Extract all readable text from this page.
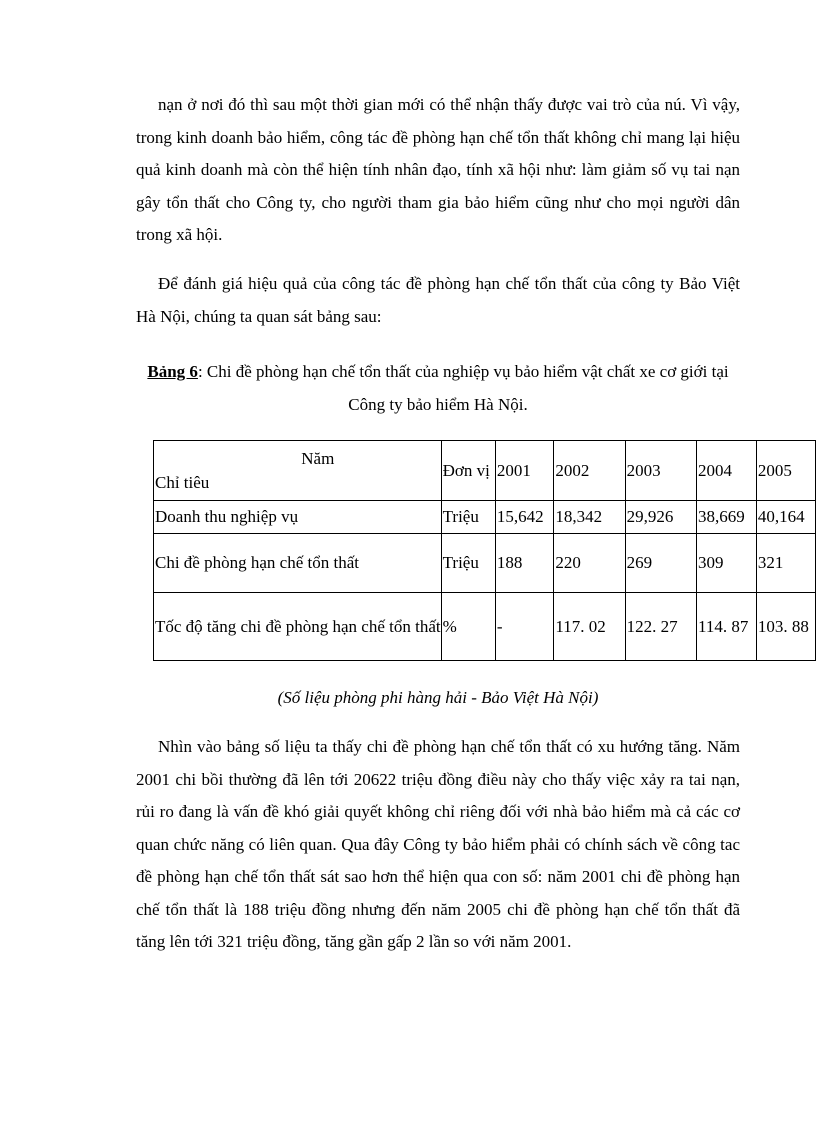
nạn ở nơi đó thì sau một thời gian mới có thể nhận thấy được vai trò của nú. Vì vậy, trong kinh doanh bảo hiểm, công tác đề phòng hạn chế tổn thất không chỉ mang lại hiệu quả kinh doanh mà còn thể hiện tính nhân đạo, tính xã hội như: làm giảm số vụ tai nạn gây tổn thất cho Công ty, cho người tham gia bảo hiểm cũng như cho mọi người dân trong xã hội.

Để đánh giá hiệu quả của công tác đề phòng hạn chế tổn thất của công ty Bảo Việt Hà Nội, chúng ta quan sát bảng sau:

Bảng 6: Chi đề phòng hạn chế tổn thất của nghiệp vụ bảo hiểm vật chất xe cơ giới tại Công ty bảo hiểm Hà Nội.

Năm
Chỉ tiêu	Đơn vị	2001	2002	2003	2004	2005
Doanh thu nghiệp vụ	Triệu	15,642	18,342	29,926	38,669	40,164
Chi đề phòng hạn chế tổn thất	Triệu	188	220	269	309	321
Tốc độ tăng chi đề phòng hạn chế tổn thất	%	-	117. 02	122. 27	114. 87	103. 88

(Số liệu phòng phi hàng hải - Bảo Việt Hà Nội)

Nhìn vào bảng số liệu ta thấy chi đề phòng hạn chế tổn thất có xu hướng tăng. Năm 2001 chi bồi thường đã lên tới 20622 triệu đồng điều này cho thấy việc xảy ra tai nạn, rủi ro đang là vấn đề khó giải quyết không chỉ riêng đối với nhà bảo hiểm mà cả các cơ quan chức năng có liên quan. Qua đây Công ty bảo hiểm phải có chính sách về công tac đề phòng hạn chế tổn thất sát sao hơn thể hiện qua con số: năm 2001 chi đề phòng hạn chế tổn thất là 188 triệu đồng nhưng đến năm 2005 chi đề phòng hạn chế tổn thất đã tăng lên tới 321 triệu đồng, tăng gần gấp 2 lần so với năm 2001.
